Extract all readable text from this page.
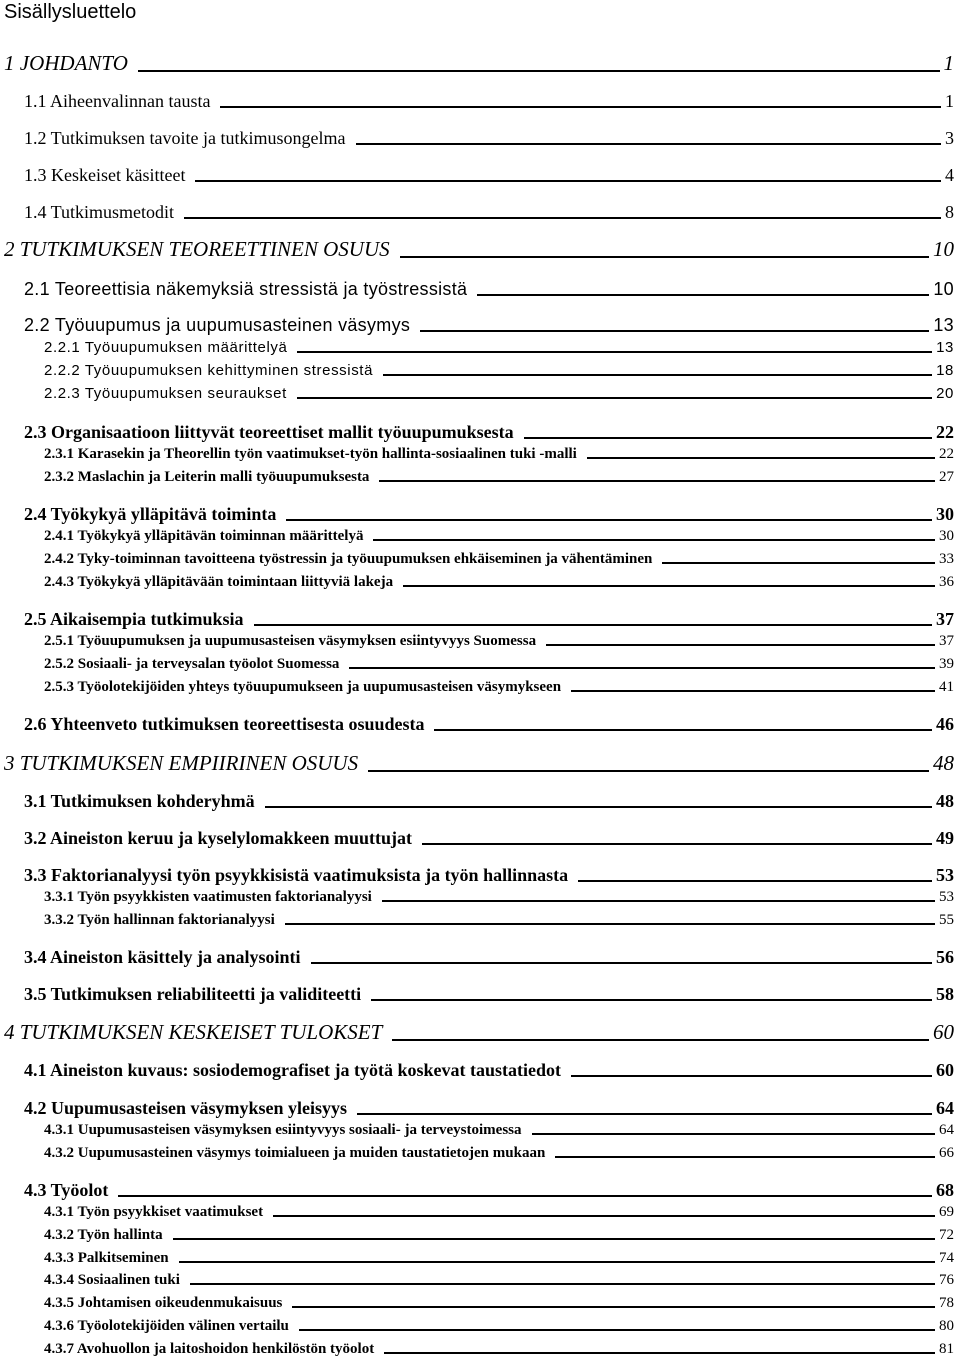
Sisällysluettelo
1 JOHDANTO	1
1.1 Aiheenvalinnan tausta	1
1.2 Tutkimuksen tavoite ja tutkimusongelma	3
1.3 Keskeiset käsitteet	4
1.4 Tutkimusmetodit	8
2 TUTKIMUKSEN TEOREETTINEN OSUUS	10
2.1 Teoreettisia näkemyksiä stressistä ja työstressistä	10
2.2 Työuupumus ja uupumusasteinen väsymys	13
2.2.1 Työuupumuksen määrittelyä	13
2.2.2 Työuupumuksen kehittyminen stressistä	18
2.2.3 Työuupumuksen seuraukset	20
2.3 Organisaatioon liittyvät teoreettiset mallit työuupumuksesta	22
2.3.1 Karasekin ja Theorellin työn vaatimukset-työn hallinta-sosiaalinen tuki -malli	22
2.3.2 Maslachin ja Leiterin malli työuupumuksesta	27
2.4 Työkykyä ylläpitävä toiminta	30
2.4.1 Työkykyä ylläpitävän toiminnan määrittelyä	30
2.4.2 Tyky-toiminnan tavoitteena työstressin ja työuupumuksen ehkäiseminen ja vähentäminen	33
2.4.3 Työkykyä ylläpitävään toimintaan liittyviä lakeja	36
2.5 Aikaisempia tutkimuksia	37
2.5.1 Työuupumuksen ja uupumusasteisen väsymyksen esiintyvyys Suomessa	37
2.5.2 Sosiaali- ja terveysalan työolot Suomessa	39
2.5.3 Työolotekijöiden yhteys työuupumukseen ja uupumusasteisen väsymykseen	41
2.6 Yhteenveto tutkimuksen teoreettisesta osuudesta	46
3 TUTKIMUKSEN EMPIIRINEN OSUUS	48
3.1 Tutkimuksen kohderyhmä	48
3.2 Aineiston keruu ja kyselylomakkeen muuttujat	49
3.3 Faktorianalyysi työn psyykkisistä vaatimuksista ja työn hallinnasta	53
3.3.1 Työn psyykkisten vaatimusten faktorianalyysi	53
3.3.2 Työn hallinnan faktorianalyysi	55
3.4 Aineiston käsittely ja analysointi	56
3.5 Tutkimuksen reliabiliteetti ja validiteetti	58
4 TUTKIMUKSEN KESKEISET TULOKSET	60
4.1 Aineiston kuvaus: sosiodemografiset ja työtä koskevat taustatiedot	60
4.2 Uupumusasteisen väsymyksen yleisyys	64
4.3.1 Uupumusasteisen väsymyksen esiintyvyys sosiaali- ja terveystoimessa	64
4.3.2 Uupumusasteinen väsymys toimialueen ja muiden taustatietojen mukaan	66
4.3 Työolot	68
4.3.1 Työn psyykkiset vaatimukset	69
4.3.2 Työn hallinta	72
4.3.3 Palkitseminen	74
4.3.4 Sosiaalinen tuki	76
4.3.5 Johtamisen oikeudenmukaisuus	78
4.3.6 Työolotekijöiden välinen vertailu	80
4.3.7 Avohuollon ja laitoshoidon henkilöstön työolot	81
